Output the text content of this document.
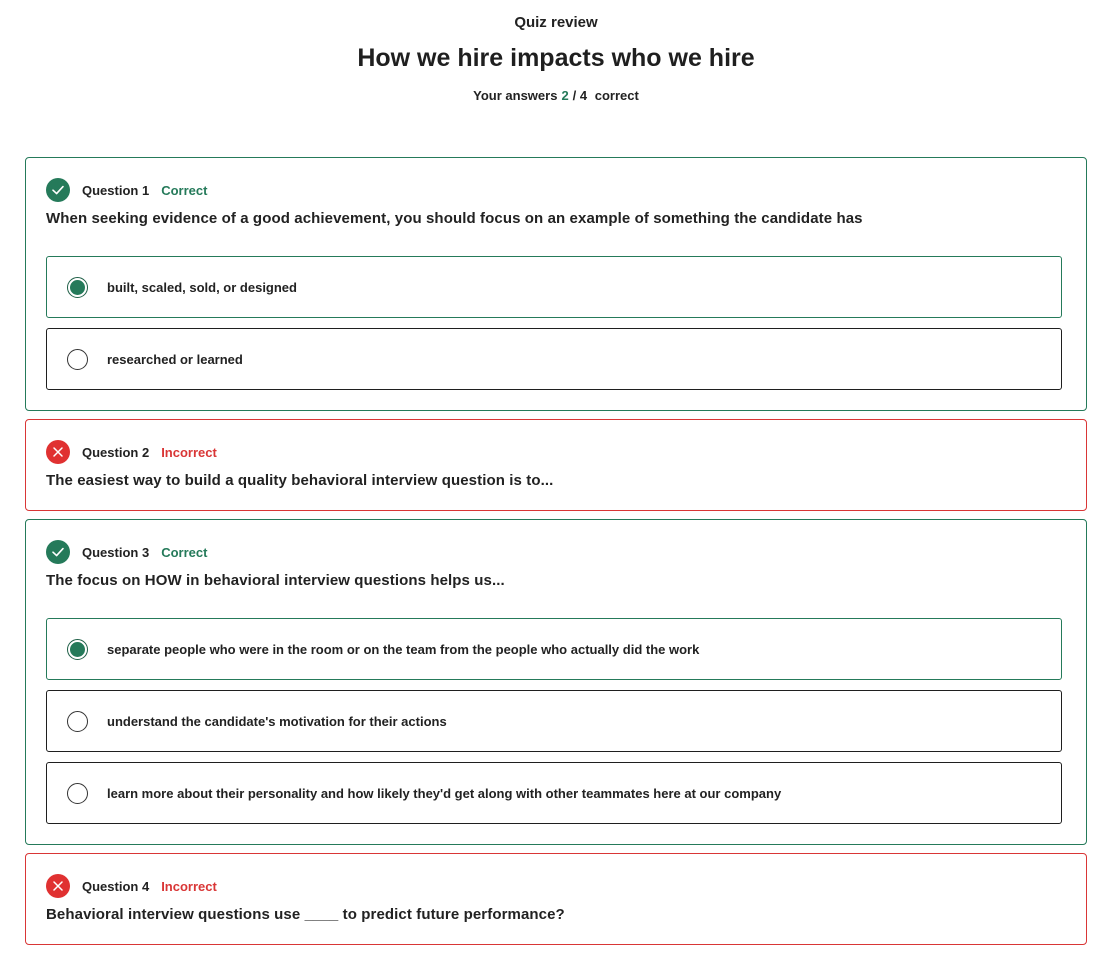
Quiz review
How we hire impacts who we hire
Your answers 2 / 4 correct
Question 1 Correct
When seeking evidence of a good achievement, you should focus on an example of something the candidate has
built, scaled, sold, or designed
researched or learned
Question 2 Incorrect
The easiest way to build a quality behavioral interview question is to...
Question 3 Correct
The focus on HOW in behavioral interview questions helps us...
separate people who were in the room or on the team from the people who actually did the work
understand the candidate's motivation for their actions
learn more about their personality and how likely they'd get along with other teammates here at our company
Question 4 Incorrect
Behavioral interview questions use ____ to predict future performance?
